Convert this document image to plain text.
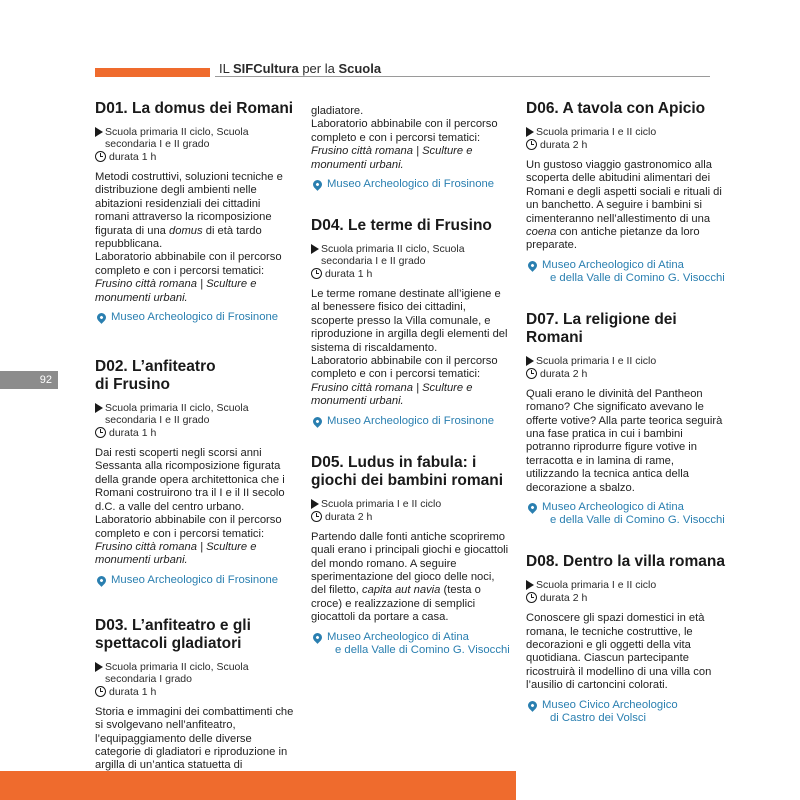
IL SIFCultura per la Scuola
92
D01. La domus dei Romani
Scuola primaria II ciclo, Scuola secondaria I e II grado
durata 1 h

Metodi costruttivi, soluzioni tecniche e distribuzione degli ambienti nelle abitazioni residenziali dei cittadini romani attraverso la ricomposizione figurata di una domus di età tardo repubblicana.

Laboratorio abbinabile con il percorso completo e con i percorsi tematici:
Frusino città romana | Sculture e monumenti urbani.

Museo Archeologico di Frosinone
D02. L’anfiteatro
di Frusino
Scuola primaria II ciclo, Scuola secondaria I e II grado
durata 1 h

Dai resti scoperti negli scorsi anni Sessanta alla ricomposizione figurata della grande opera architettonica che i Romani costruirono tra il I e il II secolo d.C. a valle del centro urbano.

Laboratorio abbinabile con il percorso completo e con i percorsi tematici:
Frusino città romana | Sculture e monumenti urbani.

Museo Archeologico di Frosinone
D03. L’anfiteatro e gli
spettacoli gladiatori
Scuola primaria II ciclo, Scuola secondaria I grado
durata 1 h

Storia e immagini dei combattimenti che si svolgevano nell’anfiteatro, l’equipaggiamento delle diverse categorie di gladiatori e riproduzione in argilla di un’antica statuetta di

gladiatore.

Laboratorio abbinabile con il percorso completo e con i percorsi tematici:
Frusino città romana | Sculture e monumenti urbani.

Museo Archeologico di Frosinone
D04. Le terme di Frusino
Scuola primaria II ciclo, Scuola secondaria I e II grado
durata 1 h

Le terme romane destinate all’igiene e al benessere fisico dei cittadini, scoperte presso la Villa comunale, e riproduzione in argilla degli elementi del sistema di riscaldamento.

Laboratorio abbinabile con il percorso completo e con i percorsi tematici:
Frusino città romana | Sculture e monumenti urbani.

Museo Archeologico di Frosinone
D05. Ludus in fabula: i
giochi dei bambini romani
Scuola primaria I e II ciclo
durata 2 h

Partendo dalle fonti antiche scopriremo quali erano i principali giochi e giocattoli del mondo romano. A seguire sperimentazione del gioco delle noci, del filetto, capita aut navia (testa o croce) e realizzazione di semplici giocattoli da portare a casa.

Museo Archeologico di Atina
e della Valle di Comino G. Visocchi
D06. A tavola con Apicio
Scuola primaria I e II ciclo
durata 2 h

Un gustoso viaggio gastronomico alla scoperta delle abitudini alimentari dei Romani e degli aspetti sociali e rituali di un banchetto. A seguire i bambini si cimenteranno nell’allestimento di una coena con antiche pietanze da loro preparate.

Museo Archeologico di Atina
e della Valle di Comino G. Visocchi
D07. La religione dei
Romani
Scuola primaria I e II ciclo
durata 2 h

Quali erano le divinità del Pantheon romano? Che significato avevano le offerte votive? Alla parte teorica seguirà una fase pratica in cui i bambini potranno riprodurre figure votive in terracotta e in lamina di rame, utilizzando la tecnica antica della decorazione a sbalzo.

Museo Archeologico di Atina
e della Valle di Comino G. Visocchi
D08. Dentro la villa romana
Scuola primaria I e II ciclo
durata 2 h

Conoscere gli spazi domestici in età romana, le tecniche costruttive, le decorazioni e gli oggetti della vita quotidiana. Ciascun partecipante ricostruirà il modellino di una villa con l’ausilio di cartoncini colorati.

Museo Civico Archeologico
di Castro dei Volsci
